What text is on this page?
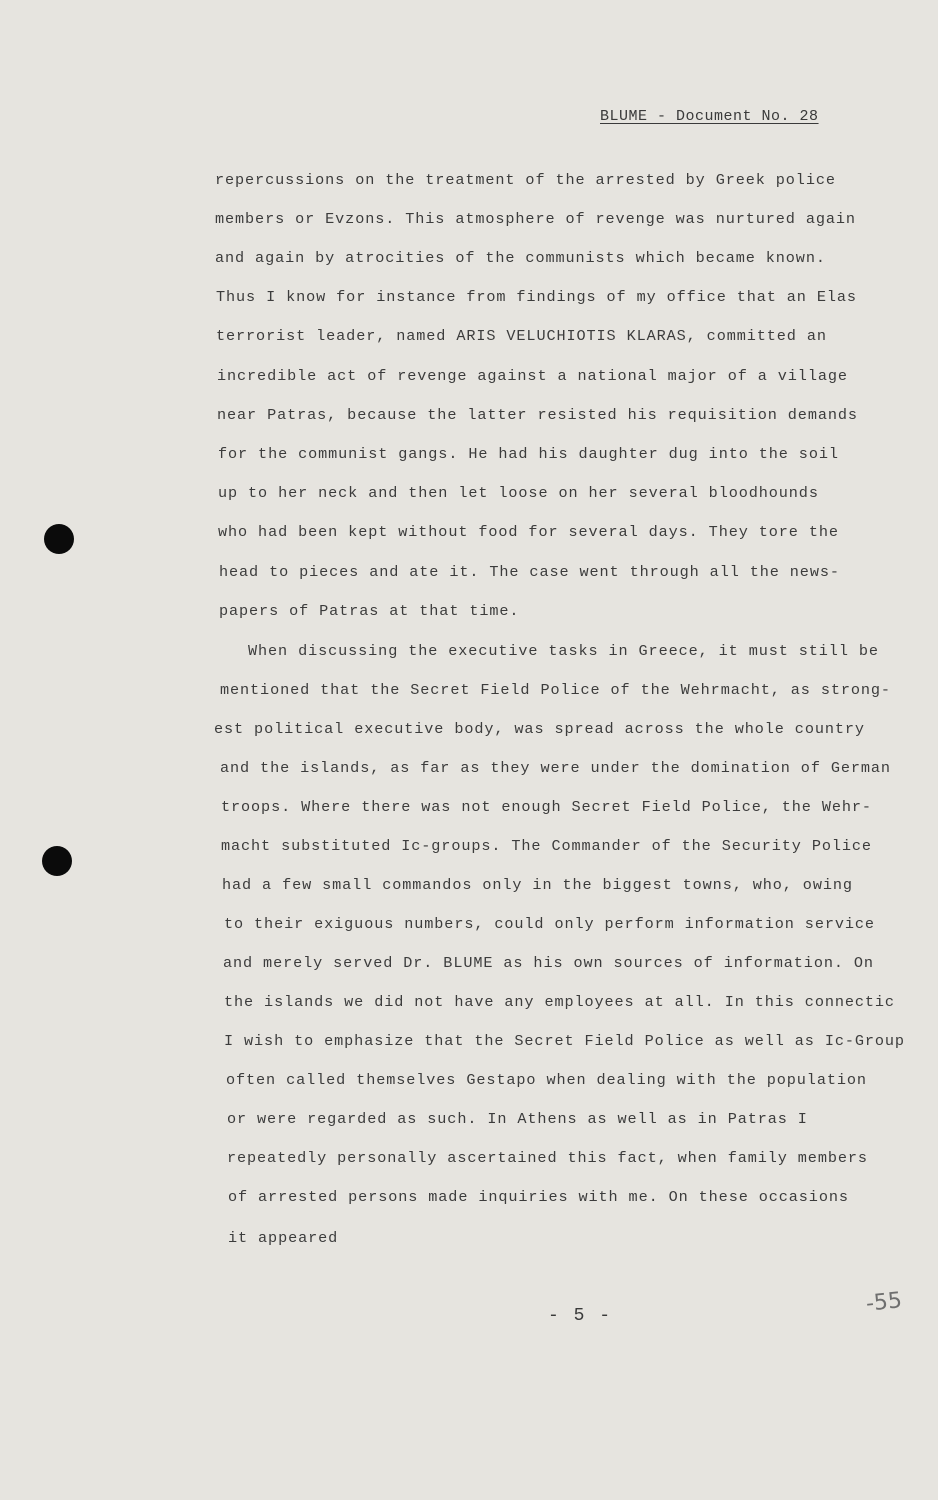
BLUME - Document No. 28
repercussions on the treatment of the arrested by Greek police
members or Evzons. This atmosphere of revenge was nurtured again
and again by atrocities of the communists which became known.
Thus I know for instance from findings of my office that an Elas
terrorist leader, named ARIS VELUCHIOTIS KLARAS, committed an
incredible act of revenge against a national major of a village
near Patras, because the latter resisted his requisition demands
for the communist gangs. He had his daughter dug into the soil
up to her neck and then let loose on her several bloodhounds
who had been kept without food for several days. They tore the
head to pieces and ate it. The case went through all the news-
papers of Patras at that time.
When discussing the executive tasks in Greece, it must still be
mentioned that the Secret Field Police of the Wehrmacht, as strong-
est political executive body, was spread across the whole country
and the islands, as far as they were under the domination of German
troops. Where there was not enough Secret Field Police, the Wehr-
macht substituted Ic-groups. The Commander of the Security Police
had a few small commandos only in the biggest towns, who, owing
to their exiguous numbers, could only perform information service
and merely served Dr. BLUME as his own sources of information. On
the islands we did not have any employees at all. In this connectic
I wish to emphasize that the Secret Field Police as well as Ic-Group
often called themselves Gestapo when dealing with the population
or were regarded as such. In Athens as well as in Patras I
repeatedly personally ascertained this fact, when family members
of arrested persons made inquiries with me. On these occasions
it appeared
- 5 -	-55
